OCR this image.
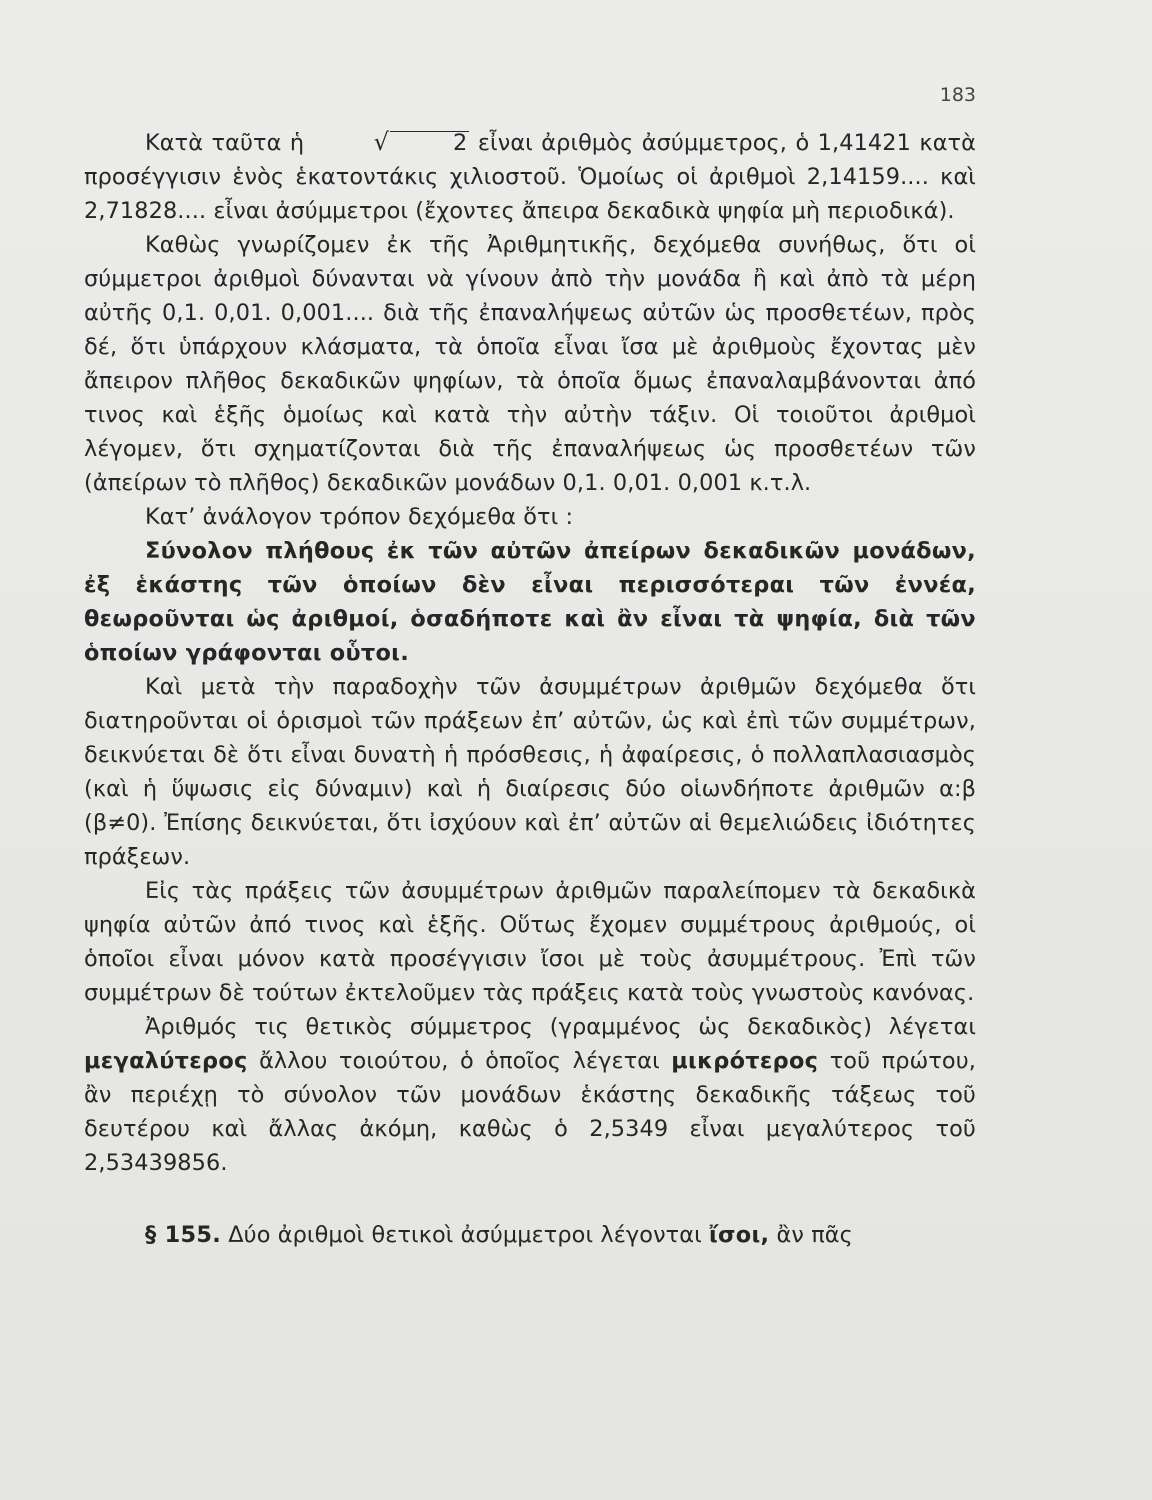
183

Κατὰ ταῦτα ἡ	√	2 εἶναι ἀριθμὸς ἀσύμμετρος, ὁ 1,41421 κατὰ προσέγγισιν ἑνὸς ἑκατοντάκις χιλιοστοῦ. Ὁμοίως οἱ ἀριθμοὶ 2,14159.... καὶ 2,71828.... εἶναι ἀσύμμετροι (ἔχοντες ἄπειρα δεκαδικὰ ψηφία μὴ περιοδικά).

Καθὼς γνωρίζομεν ἐκ τῆς Ἀριθμητικῆς, δεχόμεθα συνήθως, ὅτι οἱ σύμμετροι ἀριθμοὶ δύνανται νὰ γίνουν ἀπὸ τὴν μονάδα ἢ καὶ ἀπὸ τὰ μέρη αὐτῆς 0,1. 0,01. 0,001.... διὰ τῆς ἐπαναλήψεως αὐτῶν ὡς προσθετέων, πρὸς δέ, ὅτι ὑπάρχουν κλάσματα, τὰ ὁποῖα εἶναι ἴσα μὲ ἀριθμοὺς ἔχοντας μὲν ἄπειρον πλῆθος δεκαδικῶν ψηφίων, τὰ ὁποῖα ὅμως ἐπαναλαμβάνονται ἀπό τινος καὶ ἑξῆς ὁμοίως καὶ κατὰ τὴν αὐτὴν τάξιν. Οἱ τοιοῦτοι ἀριθμοὶ λέγομεν, ὅτι σχηματίζονται διὰ τῆς ἐπαναλήψεως ὡς προσθετέων τῶν (ἀπείρων τὸ πλῆθος) δεκαδικῶν μονάδων 0,1. 0,01. 0,001 κ.τ.λ.

Κατ’ ἀνάλογον τρόπον δεχόμεθα ὅτι :

Σύνολον πλήθους ἐκ τῶν αὐτῶν ἀπείρων δεκαδικῶν μονάδων, ἐξ ἑκάστης τῶν ὁποίων δὲν εἶναι περισσότεραι τῶν ἐννέα, θεωροῦνται ὡς ἀριθμοί, ὁσαδήποτε καὶ ἂν εἶναι τὰ ψηφία, διὰ τῶν ὁποίων γράφονται οὗτοι.

Καὶ μετὰ τὴν παραδοχὴν τῶν ἀσυμμέτρων ἀριθμῶν δεχόμεθα ὅτι διατηροῦνται οἱ ὁρισμοὶ τῶν πράξεων ἐπ’ αὐτῶν, ὡς καὶ ἐπὶ τῶν συμμέτρων, δεικνύεται δὲ ὅτι εἶναι δυνατὴ ἡ πρόσθεσις, ἡ ἀφαίρεσις, ὁ πολλαπλασιασμὸς (καὶ ἡ ὕψωσις εἰς δύναμιν) καὶ ἡ διαίρεσις δύο οἱωνδήποτε ἀριθμῶν α:β (β≠0). Ἐπίσης δεικνύεται, ὅτι ἰσχύουν καὶ ἐπ’ αὐτῶν αἱ θεμελιώδεις ἰδιότητες πράξεων.

Εἰς τὰς πράξεις τῶν ἀσυμμέτρων ἀριθμῶν παραλείπομεν τὰ δεκαδικὰ ψηφία αὐτῶν ἀπό τινος καὶ ἑξῆς. Οὕτως ἔχομεν συμμέτρους ἀριθμούς, οἱ ὁποῖοι εἶναι μόνον κατὰ προσέγγισιν ἴσοι μὲ τοὺς ἀσυμμέτρους. Ἐπὶ τῶν συμμέτρων δὲ τούτων ἐκτελοῦμεν τὰς πράξεις κατὰ τοὺς γνωστοὺς κανόνας.

Ἀριθμός τις θετικὸς σύμμετρος (γραμμένος ὡς δεκαδικὸς) λέγεται μεγαλύτερος ἄλλου τοιούτου, ὁ ὁποῖος λέγεται μικρότερος τοῦ πρώτου, ἂν περιέχῃ τὸ σύνολον τῶν μονάδων ἑκάστης δεκαδικῆς τάξεως τοῦ δευτέρου καὶ ἄλλας ἀκόμη, καθὼς ὁ 2,5349 εἶναι μεγαλύτερος τοῦ 2,53439856.

§ 155. Δύο ἀριθμοὶ θετικοὶ ἀσύμμετροι λέγονται ἴσοι, ἂν πᾶς
